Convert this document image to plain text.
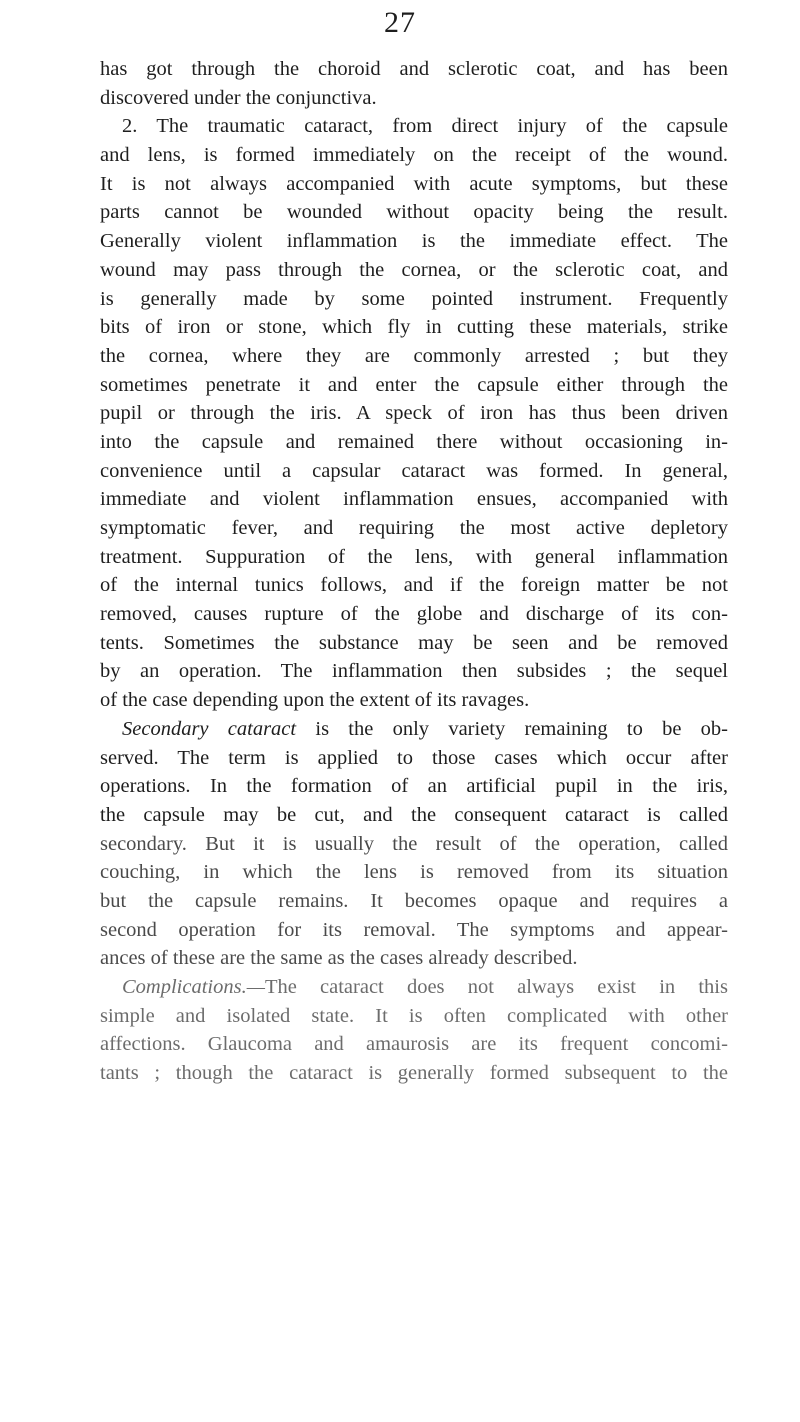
27
has got through the choroid and sclerotic coat, and has been
discovered under the conjunctiva.
2. The traumatic cataract, from direct injury of the capsule
and lens, is formed immediately on the receipt of the wound.
It is not always accompanied with acute symptoms, but these
parts cannot be wounded without opacity being the result.
Generally violent inflammation is the immediate effect. The
wound may pass through the cornea, or the sclerotic coat, and
is generally made by some pointed instrument. Frequently
bits of iron or stone, which fly in cutting these materials, strike
the cornea, where they are commonly arrested ; but they
sometimes penetrate it and enter the capsule either through the
pupil or through the iris. A speck of iron has thus been driven
into the capsule and remained there without occasioning in-
convenience until a capsular cataract was formed. In general,
immediate and violent inflammation ensues, accompanied with
symptomatic fever, and requiring the most active depletory
treatment. Suppuration of the lens, with general inflammation
of the internal tunics follows, and if the foreign matter be not
removed, causes rupture of the globe and discharge of its con-
tents. Sometimes the substance may be seen and be removed
by an operation. The inflammation then subsides ; the sequel
of the case depending upon the extent of its ravages.
Secondary cataract is the only variety remaining to be ob-
served. The term is applied to those cases which occur after
operations. In the formation of an artificial pupil in the iris,
the capsule may be cut, and the consequent cataract is called
secondary. But it is usually the result of the operation, called
couching, in which the lens is removed from its situation
but the capsule remains. It becomes opaque and requires a
second operation for its removal. The symptoms and appear-
ances of these are the same as the cases already described.
Complications.—The cataract does not always exist in this
simple and isolated state. It is often complicated with other
affections. Glaucoma and amaurosis are its frequent concomi-
tants ; though the cataract is generally formed subsequent to the
